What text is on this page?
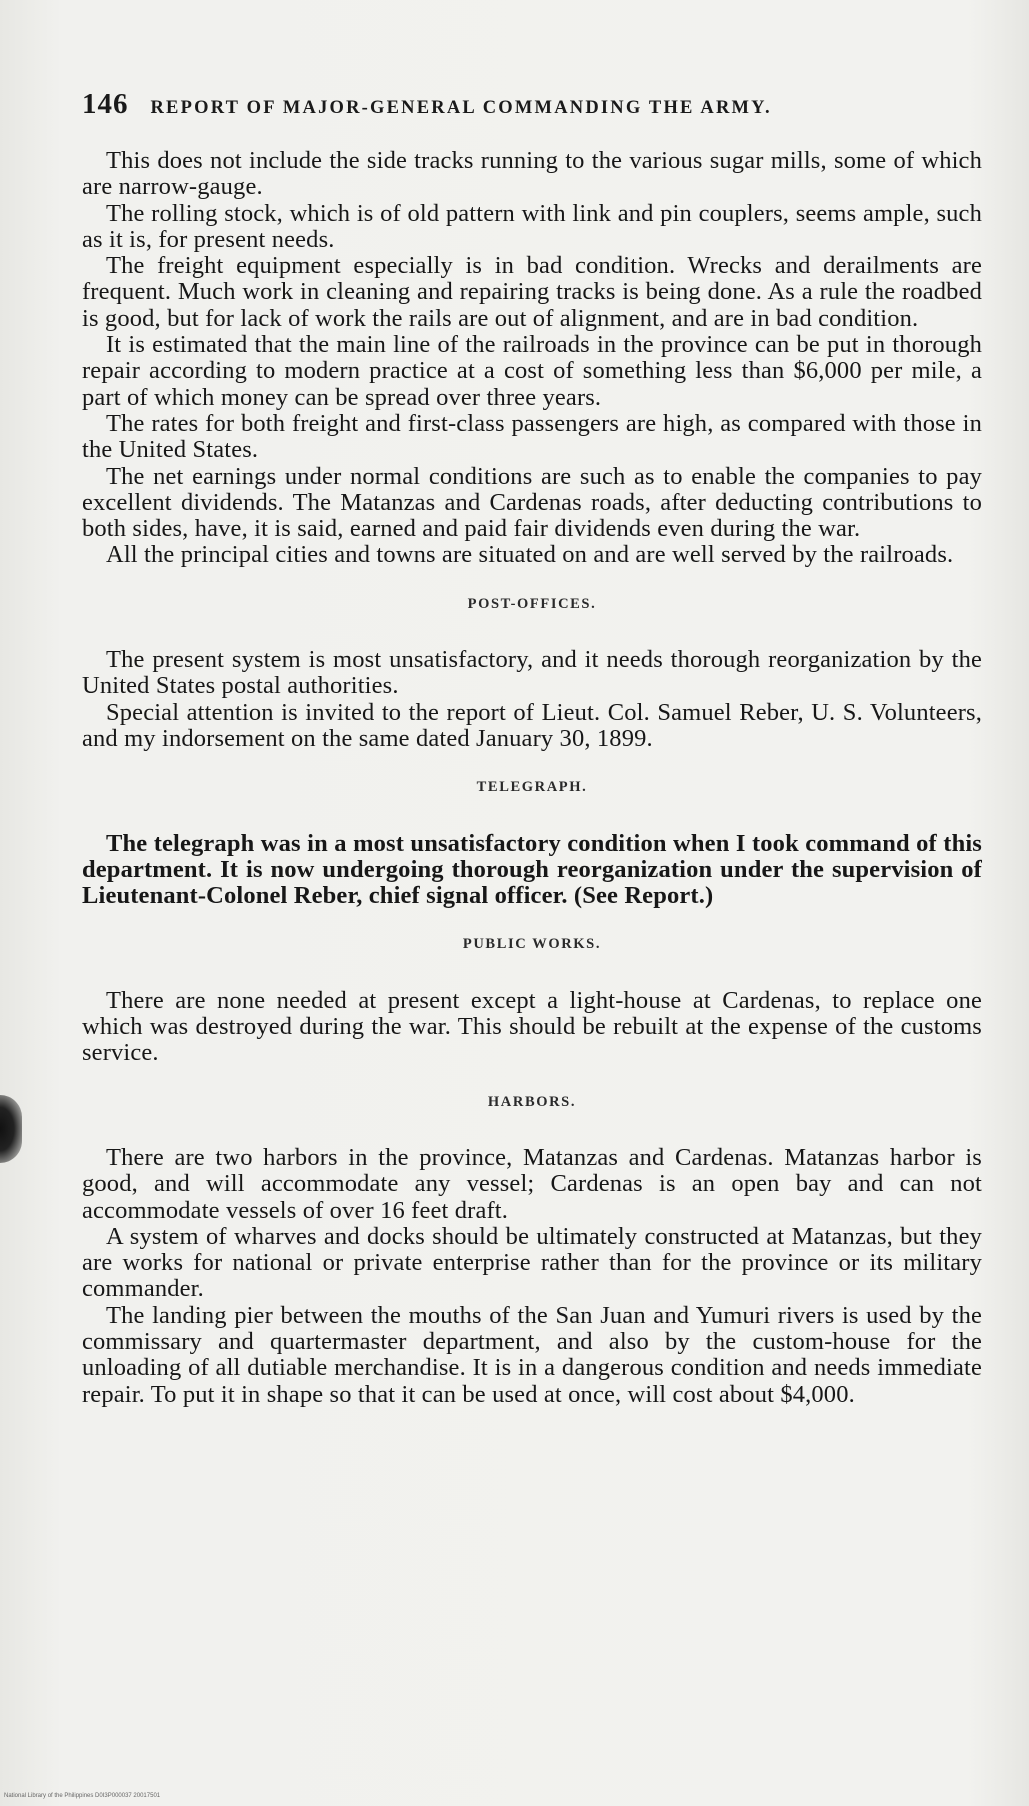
146 REPORT OF MAJOR-GENERAL COMMANDING THE ARMY.

This does not include the side tracks running to the various sugar mills, some of which are narrow-gauge.

The rolling stock, which is of old pattern with link and pin couplers, seems ample, such as it is, for present needs.

The freight equipment especially is in bad condition. Wrecks and derailments are frequent. Much work in cleaning and repairing tracks is being done. As a rule the roadbed is good, but for lack of work the rails are out of alignment, and are in bad condition.

It is estimated that the main line of the railroads in the province can be put in thorough repair according to modern practice at a cost of something less than $6,000 per mile, a part of which money can be spread over three years.

The rates for both freight and first-class passengers are high, as compared with those in the United States.

The net earnings under normal conditions are such as to enable the companies to pay excellent dividends. The Matanzas and Cardenas roads, after deducting contributions to both sides, have, it is said, earned and paid fair dividends even during the war.

All the principal cities and towns are situated on and are well served by the railroads.

POST-OFFICES.

The present system is most unsatisfactory, and it needs thorough reorganization by the United States postal authorities.

Special attention is invited to the report of Lieut. Col. Samuel Reber, U. S. Volunteers, and my indorsement on the same dated January 30, 1899.

TELEGRAPH.

The telegraph was in a most unsatisfactory condition when I took command of this department. It is now undergoing thorough reorganization under the supervision of Lieutenant-Colonel Reber, chief signal officer. (See Report.)

PUBLIC WORKS.

There are none needed at present except a light-house at Cardenas, to replace one which was destroyed during the war. This should be rebuilt at the expense of the customs service.

HARBORS.

There are two harbors in the province, Matanzas and Cardenas. Matanzas harbor is good, and will accommodate any vessel; Cardenas is an open bay and can not accommodate vessels of over 16 feet draft.

A system of wharves and docks should be ultimately constructed at Matanzas, but they are works for national or private enterprise rather than for the province or its military commander.

The landing pier between the mouths of the San Juan and Yumuri rivers is used by the commissary and quartermaster department, and also by the custom-house for the unloading of all dutiable merchandise. It is in a dangerous condition and needs immediate repair. To put it in shape so that it can be used at once, will cost about $4,000.

National Library of the Philippines D0I3P000037 20017501
